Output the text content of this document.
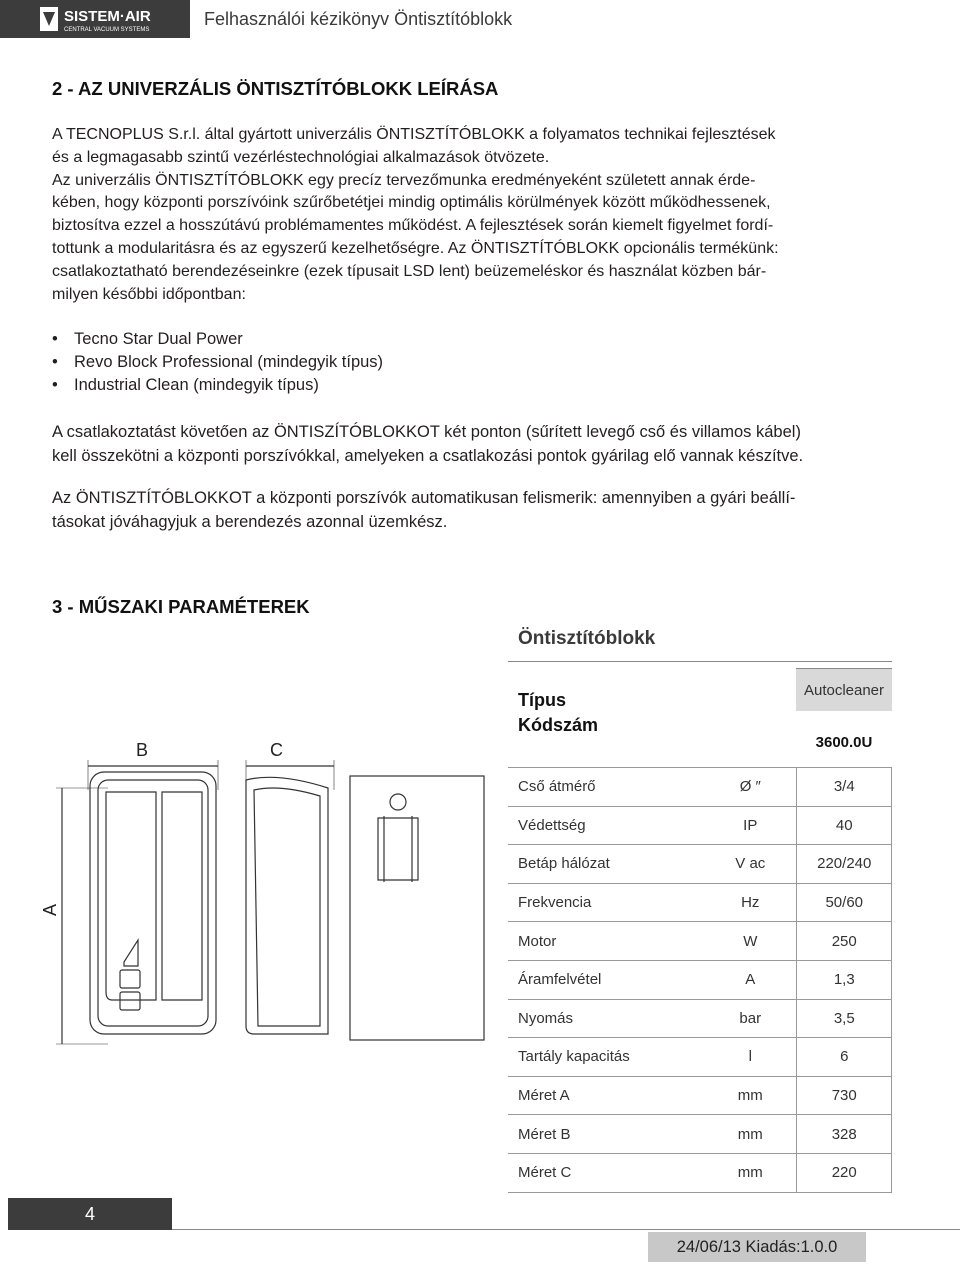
SISTEM·AIR
CENTRAL VACUUM SYSTEMS
Felhasználói kézikönyv Öntisztítóblokk
2 - AZ UNIVERZÁLIS ÖNTISZTÍTÓBLOKK LEÍRÁSA
A TECNOPLUS S.r.l. által gyártott univerzális ÖNTISZTÍTÓBLOKK a folyamatos technikai fejlesztések
és a legmagasabb szintű vezérléstechnológiai alkalmazások ötvözete.
Az univerzális ÖNTISZTÍTÓBLOKK egy precíz tervezőmunka eredményeként született annak érde-
kében, hogy központi porszívóink szűrőbetétjei mindig optimális körülmények között működhessenek,
biztosítva ezzel a hosszútávú problémamentes működést. A fejlesztések során kiemelt figyelmet fordí-
tottunk a modularitásra és az egyszerű kezelhetőségre. Az ÖNTISZTÍTÓBLOKK opcionális termékünk:
csatlakoztatható berendezéseinkre (ezek típusait LSD lent) beüzemeléskor és használat közben bár-
milyen későbbi időpontban:
• Tecno Star Dual Power
• Revo Block Professional (mindegyik típus)
• Industrial Clean (mindegyik típus)
A csatlakoztatást követően az ÖNTISZÍTÓBLOKKOT két ponton (sűrített levegő cső és villamos kábel)
kell összekötni a központi porszívókkal, amelyeken a csatlakozási pontok gyárilag elő vannak készítve.
Az ÖNTISZTÍTÓBLOKKOT a központi porszívók automatikusan felismerik: amennyiben a gyári beállí-
tásokat jóváhagyjuk a berendezés azonnal üzemkész.
3 - MŰSZAKI PARAMÉTEREK
A
B	C
Öntisztítóblokk
Autocleaner
Típus
Kódszám
3600.0U
Cső átmérő	Ø ″	3/4
Védettség	IP	40
Betáp hálózat	V ac	220/240
Frekvencia	Hz	50/60
Motor	W	250
Áramfelvétel	A	1,3
Nyomás	bar	3,5
Tartály kapacitás	l	6
Méret A	mm	730
Méret B	mm	328
Méret C	mm	220
4
24/06/13 Kiadás:1.0.0
